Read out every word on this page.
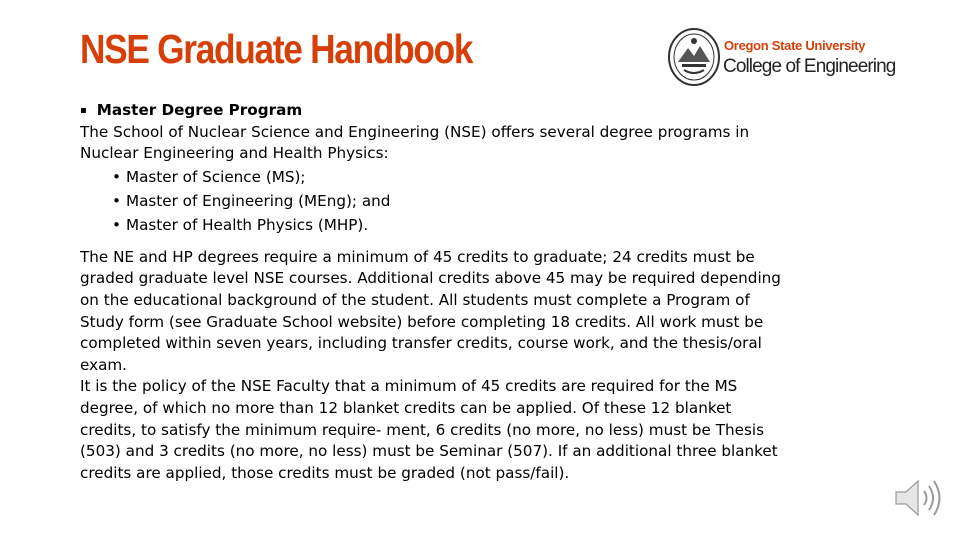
NSE Graduate Handbook	Oregon State University
College of Engineering
▪ Master Degree Program
The School of Nuclear Science and Engineering (NSE) offers several degree programs in
Nuclear Engineering and Health Physics:
• Master of Science (MS);
• Master of Engineering (MEng); and
• Master of Health Physics (MHP).
The NE and HP degrees require a minimum of 45 credits to graduate; 24 credits must be
graded graduate level NSE courses. Additional credits above 45 may be required depending
on the educational background of the student. All students must complete a Program of
Study form (see Graduate School website) before completing 18 credits. All work must be
completed within seven years, including transfer credits, course work, and the thesis/oral
exam.
It is the policy of the NSE Faculty that a minimum of 45 credits are required for the MS
degree, of which no more than 12 blanket credits can be applied. Of these 12 blanket
credits, to satisfy the minimum require- ment, 6 credits (no more, no less) must be Thesis
(503) and 3 credits (no more, no less) must be Seminar (507). If an additional three blanket
credits are applied, those credits must be graded (not pass/fail).
